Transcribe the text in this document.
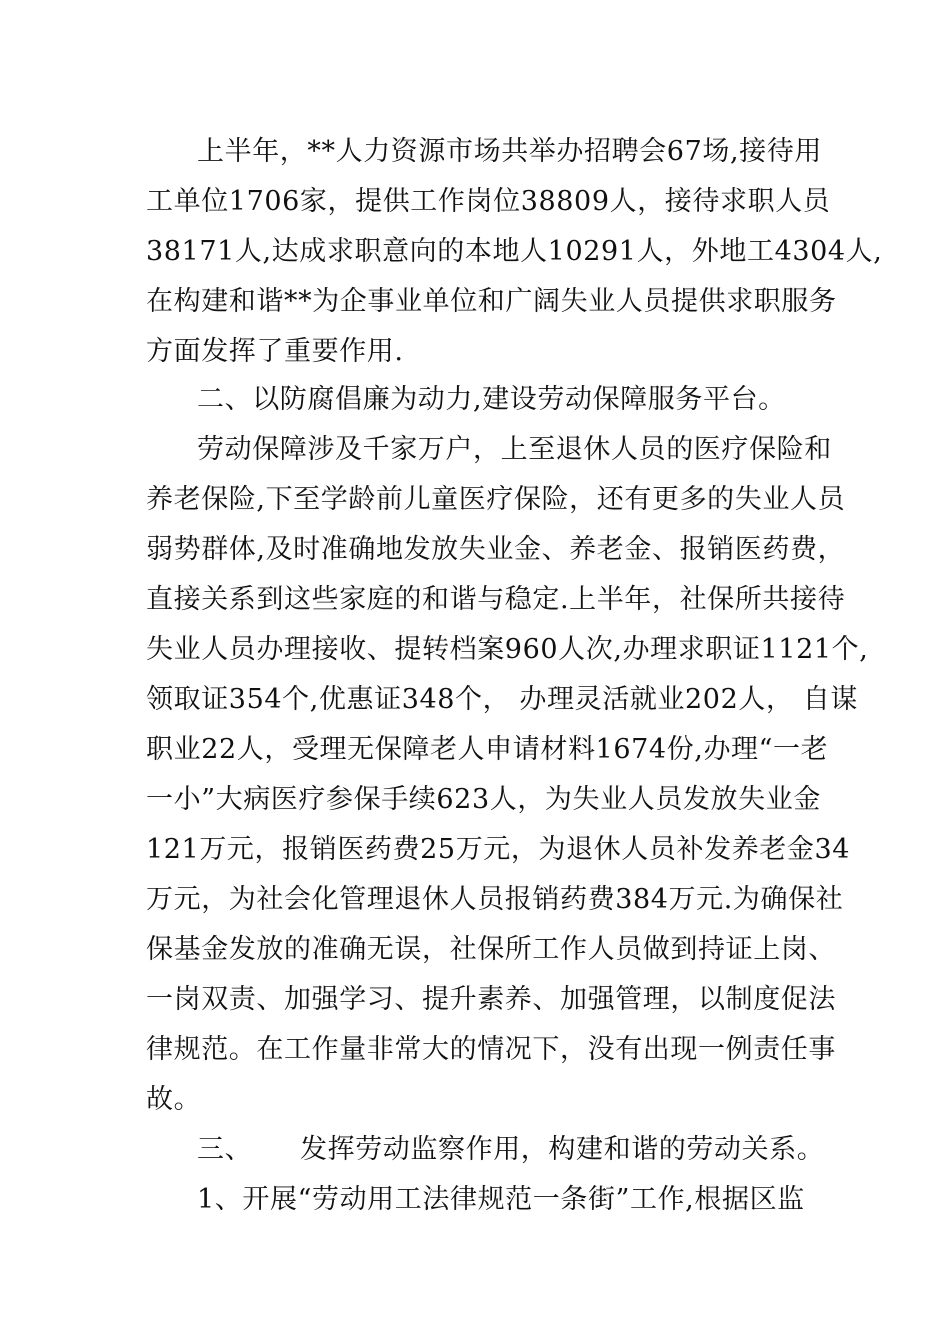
上半年，**人力资源市场共举办招聘会67场,接待用
工单位1706家，提供工作岗位38809人，接待求职人员
38171人,达成求职意向的本地人10291人，外地工4304人,
在构建和谐**为企事业单位和广阔失业人员提供求职服务
方面发挥了重要作用.
二、以防腐倡廉为动力,建设劳动保障服务平台。
劳动保障涉及千家万户，上至退休人员的医疗保险和
养老保险,下至学龄前儿童医疗保险，还有更多的失业人员
弱势群体,及时准确地发放失业金、养老金、报销医药费，
直接关系到这些家庭的和谐与稳定.上半年，社保所共接待
失业人员办理接收、提转档案960人次,办理求职证1121个,
领取证354个,优惠证348个， 办理灵活就业202人， 自谋
职业22人，受理无保障老人申请材料1674份,办理“一老
一小”大病医疗参保手续623人，为失业人员发放失业金
121万元，报销医药费25万元，为退休人员补发养老金34
万元，为社会化管理退休人员报销药费384万元.为确保社
保基金发放的准确无误，社保所工作人员做到持证上岗、
一岗双责、加强学习、提升素养、加强管理，以制度促法
律规范。在工作量非常大的情况下，没有出现一例责任事
故。
三、 发挥劳动监察作用，构建和谐的劳动关系。
1、开展“劳动用工法律规范一条街”工作,根据区监
